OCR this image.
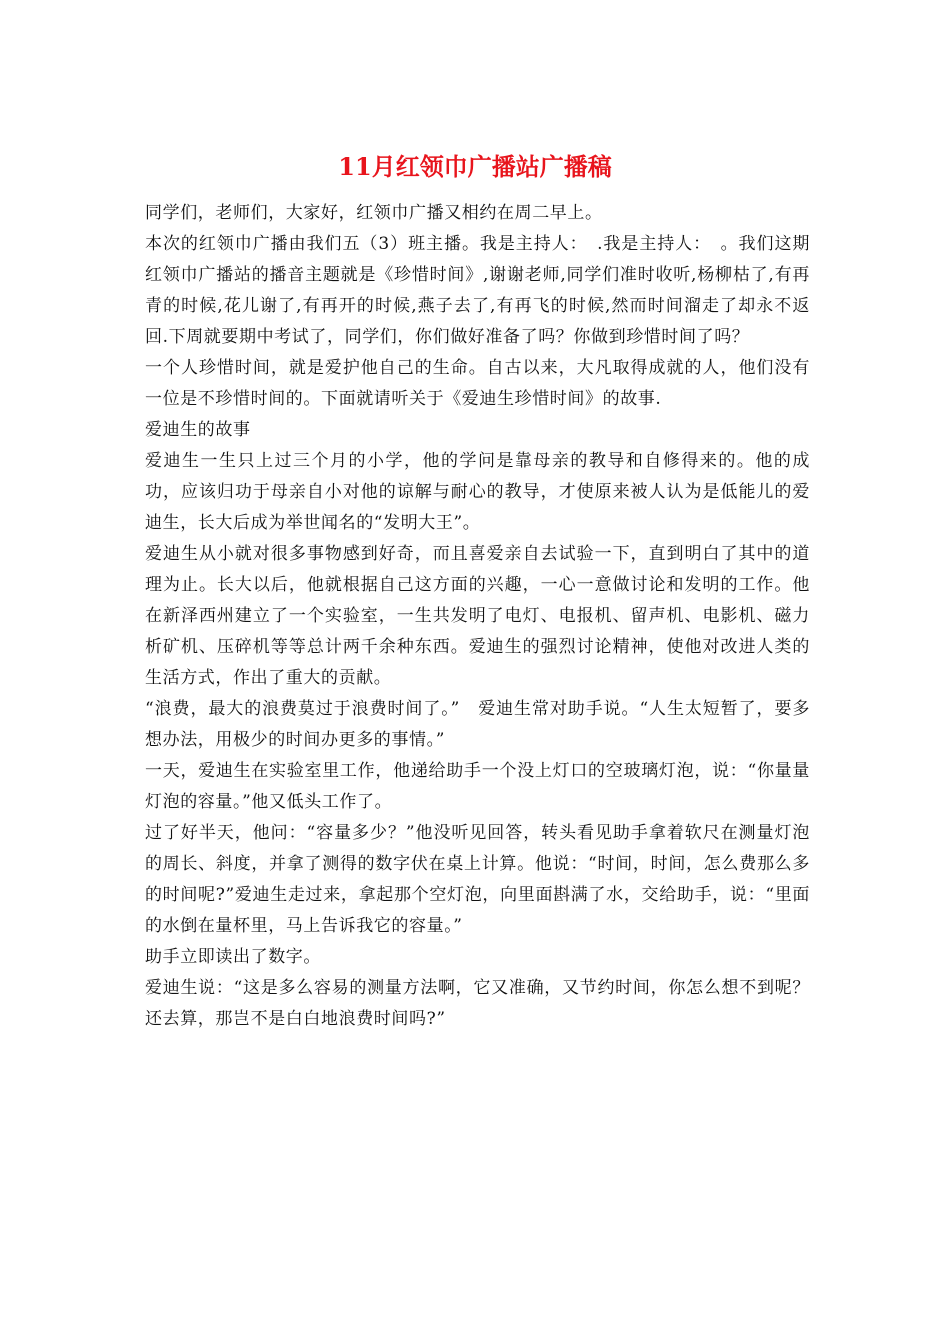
11月红领巾广播站广播稿

同学们，老师们，大家好，红领巾广播又相约在周二早上。

本次的红领巾广播由我们五（3）班主播。我是主持人：　.我是主持人：　。我们这期红领巾广播站的播音主题就是《珍惜时间》,谢谢老师,同学们准时收听,杨柳枯了,有再青的时候,花儿谢了,有再开的时候,燕子去了,有再飞的时候,然而时间溜走了却永不返回.下周就要期中考试了，同学们，你们做好准备了吗？你做到珍惜时间了吗？

一个人珍惜时间，就是爱护他自己的生命。自古以来，大凡取得成就的人，他们没有一位是不珍惜时间的。下面就请听关于《爱迪生珍惜时间》的故事.

爱迪生的故事

爱迪生一生只上过三个月的小学，他的学问是靠母亲的教导和自修得来的。他的成功，应该归功于母亲自小对他的谅解与耐心的教导，才使原来被人认为是低能儿的爱迪生，长大后成为举世闻名的“发明大王”。

爱迪生从小就对很多事物感到好奇，而且喜爱亲自去试验一下，直到明白了其中的道理为止。长大以后，他就根据自己这方面的兴趣，一心一意做讨论和发明的工作。他在新泽西州建立了一个实验室，一生共发明了电灯、电报机、留声机、电影机、磁力析矿机、压碎机等等总计两千余种东西。爱迪生的强烈讨论精神，使他对改进人类的生活方式，作出了重大的贡献。

“浪费，最大的浪费莫过于浪费时间了。”　爱迪生常对助手说。“人生太短暂了，要多想办法，用极少的时间办更多的事情。”

一天，爱迪生在实验室里工作，他递给助手一个没上灯口的空玻璃灯泡，说：“你量量灯泡的容量。”他又低头工作了。

过了好半天，他问：“容量多少？”他没听见回答，转头看见助手拿着软尺在测量灯泡的周长、斜度，并拿了测得的数字伏在桌上计算。他说：“时间，时间，怎么费那么多的时间呢?”爱迪生走过来，拿起那个空灯泡，向里面斟满了水，交给助手，说：“里面的水倒在量杯里，马上告诉我它的容量。”

助手立即读出了数字。

爱迪生说：“这是多么容易的测量方法啊，它又准确，又节约时间，你怎么想不到呢？还去算，那岂不是白白地浪费时间吗?”
